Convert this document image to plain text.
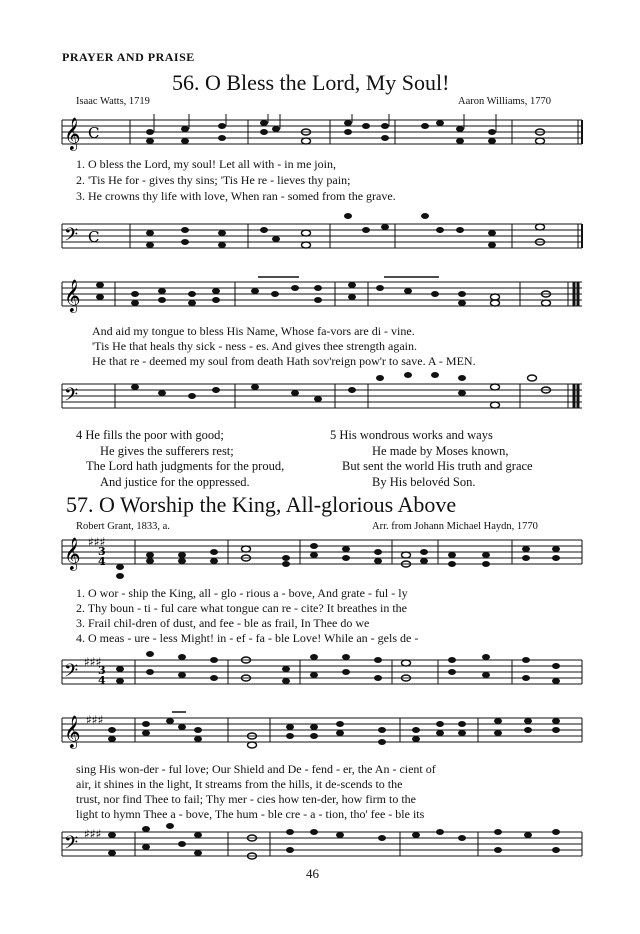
PRAYER AND PRAISE
56. O Bless the Lord, My Soul!
Isaac Watts, 1719	Aaron Williams, 1770
𝄞 C
1. O bless the Lord, my soul! Let all with - in me join,
2. 'Tis He for - gives thy sins; 'Tis He re - lieves thy pain;
3. He crowns thy life with love, When ran - somed from the grave.
𝄢 C
𝄞
And aid my tongue to bless His Name, Whose fa-vors are di - vine.
'Tis He that heals thy sick - ness - es. And gives thee strength again.
He that re - deemed my soul from death Hath sov'reign pow'r to save. A - MEN.
𝄢
4 He fills the poor with good;
He gives the sufferers rest;
The Lord hath judgments for the proud,
And justice for the oppressed.
5 His wondrous works and ways
He made by Moses known,
But sent the world His truth and grace
By His belovéd Son.
57. O Worship the King, All-glorious Above
Robert Grant, 1833, a.	Arr. from Johann Michael Haydn, 1770
𝄞 ♯♯♯
3
4
1. O wor - ship the King, all - glo - rious a - bove, And grate - ful - ly
2. Thy boun - ti - ful care what tongue can re - cite? It breathes in the
3. Frail chil-dren of dust, and fee - ble as frail, In Thee do we
4. O meas - ure - less Might! in - ef - fa - ble Love! While an - gels de -
𝄢 ♯♯♯
3
4
𝄞 ♯♯♯
sing His won-der - ful love; Our Shield and De - fend - er, the An - cient of
air, it shines in the light, It streams from the hills, it de-scends to the
trust, nor find Thee to fail; Thy mer - cies how ten-der, how firm to the
light to hymn Thee a - bove, The hum - ble cre - a - tion, tho' fee - ble its
𝄢 ♯♯♯
46
